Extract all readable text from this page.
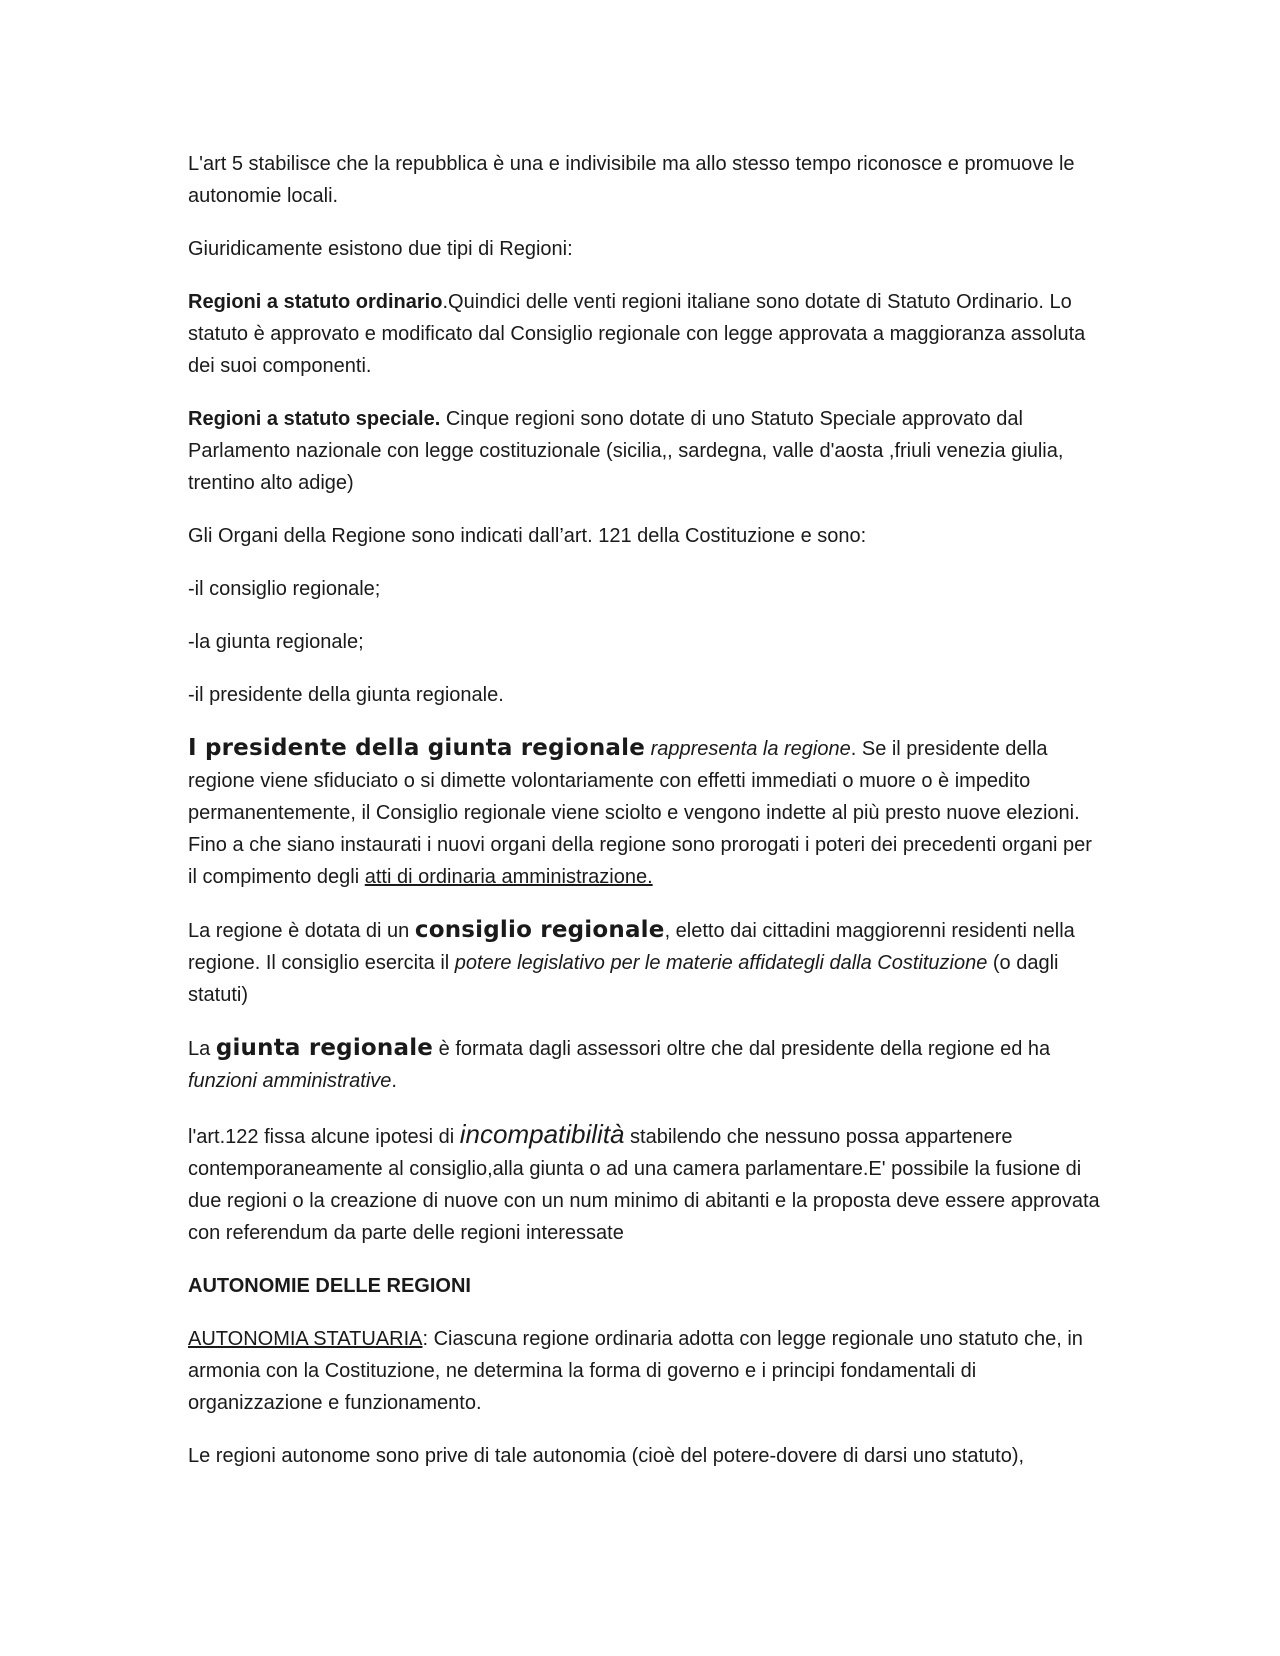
L'art 5 stabilisce che la repubblica è una e indivisibile ma allo stesso tempo riconosce e promuove le autonomie locali.

Giuridicamente esistono due tipi di Regioni:

Regioni a statuto ordinario.Quindici delle venti regioni italiane sono dotate di Statuto Ordinario. Lo statuto è approvato e modificato dal Consiglio regionale con legge approvata a maggioranza assoluta dei suoi componenti.

Regioni a statuto speciale. Cinque regioni sono dotate di uno Statuto Speciale approvato dal Parlamento nazionale con legge costituzionale (sicilia,, sardegna, valle d'aosta ,friuli venezia giulia, trentino alto adige)

Gli Organi della Regione sono indicati dall’art. 121 della Costituzione e sono:

-il consiglio regionale;

-la giunta regionale;

-il presidente della giunta regionale.

I presidente della giunta regionale rappresenta la regione. Se il presidente della regione viene sfiduciato o si dimette volontariamente con effetti immediati o muore o è impedito permanentemente, il Consiglio regionale viene sciolto e vengono indette al più presto nuove elezioni. Fino a che siano instaurati i nuovi organi della regione sono prorogati i poteri dei precedenti organi per il compimento degli atti di ordinaria amministrazione.

La regione è dotata di un consiglio regionale, eletto dai cittadini maggiorenni residenti nella regione. Il consiglio esercita il potere legislativo per le materie affidategli dalla Costituzione (o dagli statuti)

La giunta regionale è formata dagli assessori oltre che dal presidente della regione ed ha funzioni amministrative.

l'art.122 fissa alcune ipotesi di incompatibilità stabilendo che nessuno possa appartenere contemporaneamente al consiglio,alla giunta o ad una camera parlamentare.E' possibile la fusione di due regioni o la creazione di nuove con un num minimo di abitanti e la proposta deve essere approvata con referendum da parte delle regioni interessate

AUTONOMIE DELLE REGIONI

AUTONOMIA STATUARIA: Ciascuna regione ordinaria adotta con legge regionale uno statuto che, in armonia con la Costituzione, ne determina la forma di governo e i principi fondamentali di organizzazione e funzionamento.

Le regioni autonome sono prive di tale autonomia (cioè del potere-dovere di darsi uno statuto),
